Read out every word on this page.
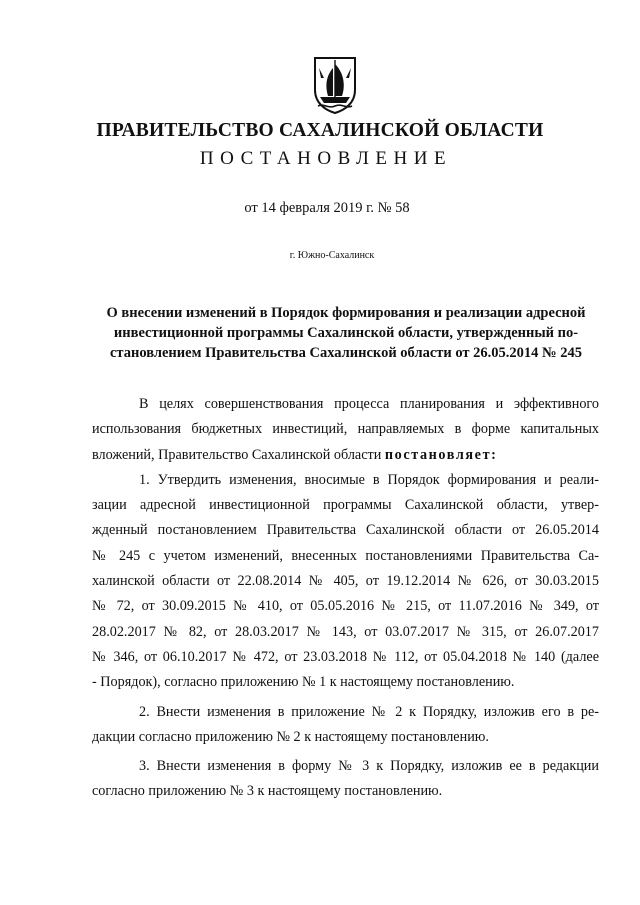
ПРАВИТЕЛЬСТВО САХАЛИНСКОЙ ОБЛАСТИ
ПОСТАНОВЛЕНИЕ
от 14 февраля 2019 г. № 58
г. Южно-Сахалинск
О внесении изменений в Порядок формирования и реализации адресной
инвестиционной программы Сахалинской области, утвержденный по-
становлением Правительства Сахалинской области от 26.05.2014 № 245
В целях совершенствования процесса планирования и эффективного
использования бюджетных инвестиций, направляемых в форме капитальных
вложений, Правительство Сахалинской области постановляет:
1. Утвердить изменения, вносимые в Порядок формирования и реали-
зации адресной инвестиционной программы Сахалинской области, утвер-
жденный постановлением Правительства Сахалинской области от 26.05.2014
№ 245 с учетом изменений, внесенных постановлениями Правительства Са-
халинской области от 22.08.2014 № 405, от 19.12.2014 № 626, от 30.03.2015
№ 72, от 30.09.2015 № 410, от 05.05.2016 № 215, от 11.07.2016 № 349, от
28.02.2017 № 82, от 28.03.2017 № 143, от 03.07.2017 № 315, от 26.07.2017
№ 346, от 06.10.2017 № 472, от 23.03.2018 № 112, от 05.04.2018 № 140 (далее
- Порядок), согласно приложению № 1 к настоящему постановлению.
2. Внести изменения в приложение № 2 к Порядку, изложив его в ре-
дакции согласно приложению № 2 к настоящему постановлению.
3. Внести изменения в форму № 3 к Порядку, изложив ее в редакции
согласно приложению № 3 к настоящему постановлению.
